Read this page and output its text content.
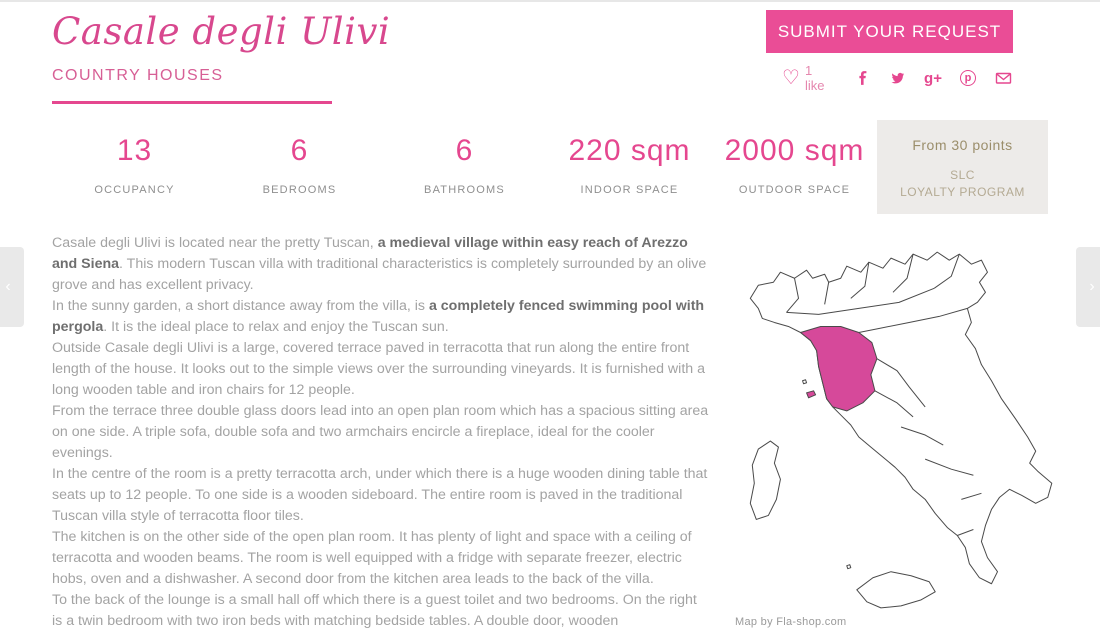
Casale degli Ulivi
COUNTRY HOUSES
SUBMIT YOUR REQUEST
♡ 1 like	g+	p
13
OCCUPANCY
6
BEDROOMS
6
BATHROOMS
220 sqm
INDOOR SPACE
2000 sqm
OUTDOOR SPACE
From 30 points
SLC
LOYALTY PROGRAM

Casale degli Ulivi is located near the pretty Tuscan, a medieval village within easy reach of Arezzo and Siena. This modern Tuscan villa with traditional characteristics is completely surrounded by an olive grove and has excellent privacy.

In the sunny garden, a short distance away from the villa, is a completely fenced swimming pool with pergola. It is the ideal place to relax and enjoy the Tuscan sun.

Outside Casale degli Ulivi is a large, covered terrace paved in terracotta that run along the entire front length of the house. It looks out to the simple views over the surrounding vineyards. It is furnished with a long wooden table and iron chairs for 12 people.

From the terrace three double glass doors lead into an open plan room which has a spacious sitting area on one side. A triple sofa, double sofa and two armchairs encircle a fireplace, ideal for the cooler evenings.

In the centre of the room is a pretty terracotta arch, under which there is a huge wooden dining table that seats up to 12 people. To one side is a wooden sideboard. The entire room is paved in the traditional Tuscan villa style of terracotta floor tiles.

The kitchen is on the other side of the open plan room. It has plenty of light and space with a ceiling of terracotta and wooden beams. The room is well equipped with a fridge with separate freezer, electric hobs, oven and a dishwasher. A second door from the kitchen area leads to the back of the villa.

To the back of the lounge is a small hall off which there is a guest toilet and two bedrooms. On the right is a twin bedroom with two iron beds with matching bedside tables. A double door, wooden	Map by Fla-shop.com
‹	›
